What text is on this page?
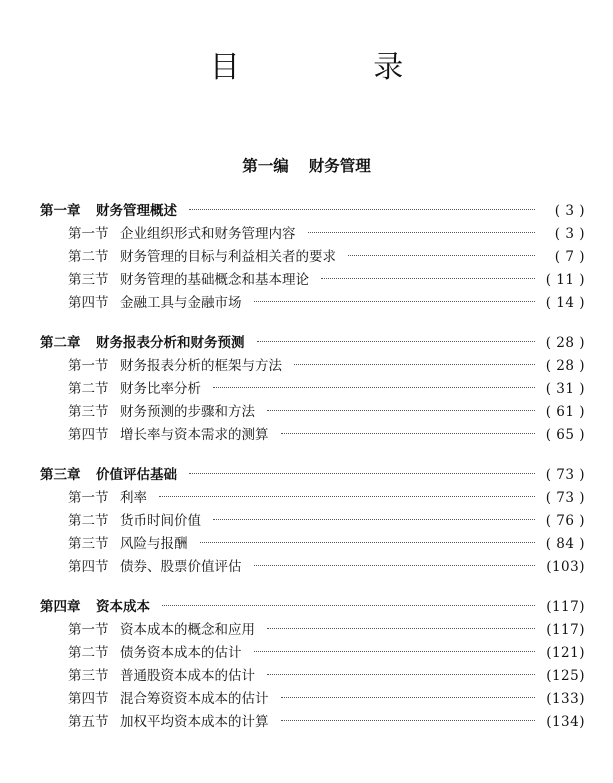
目 录
第一编 财务管理
第一章	财务管理概述	( 3 )
第一节 企业组织形式和财务管理内容	( 3 )
第二节 财务管理的目标与利益相关者的要求	( 7 )
第三节 财务管理的基础概念和基本理论	( 11 )
第四节 金融工具与金融市场	( 14 )
第二章	财务报表分析和财务预测	( 28 )
第一节 财务报表分析的框架与方法	( 28 )
第二节 财务比率分析	( 31 )
第三节 财务预测的步骤和方法	( 61 )
第四节 增长率与资本需求的测算	( 65 )
第三章	价值评估基础	( 73 )
第一节 利率	( 73 )
第二节 货币时间价值	( 76 )
第三节 风险与报酬	( 84 )
第四节 债券、股票价值评估	(103)
第四章	资本成本	(117)
第一节 资本成本的概念和应用	(117)
第二节 债务资本成本的估计	(121)
第三节 普通股资本成本的估计	(125)
第四节 混合筹资资本成本的估计	(133)
第五节 加权平均资本成本的计算	(134)
